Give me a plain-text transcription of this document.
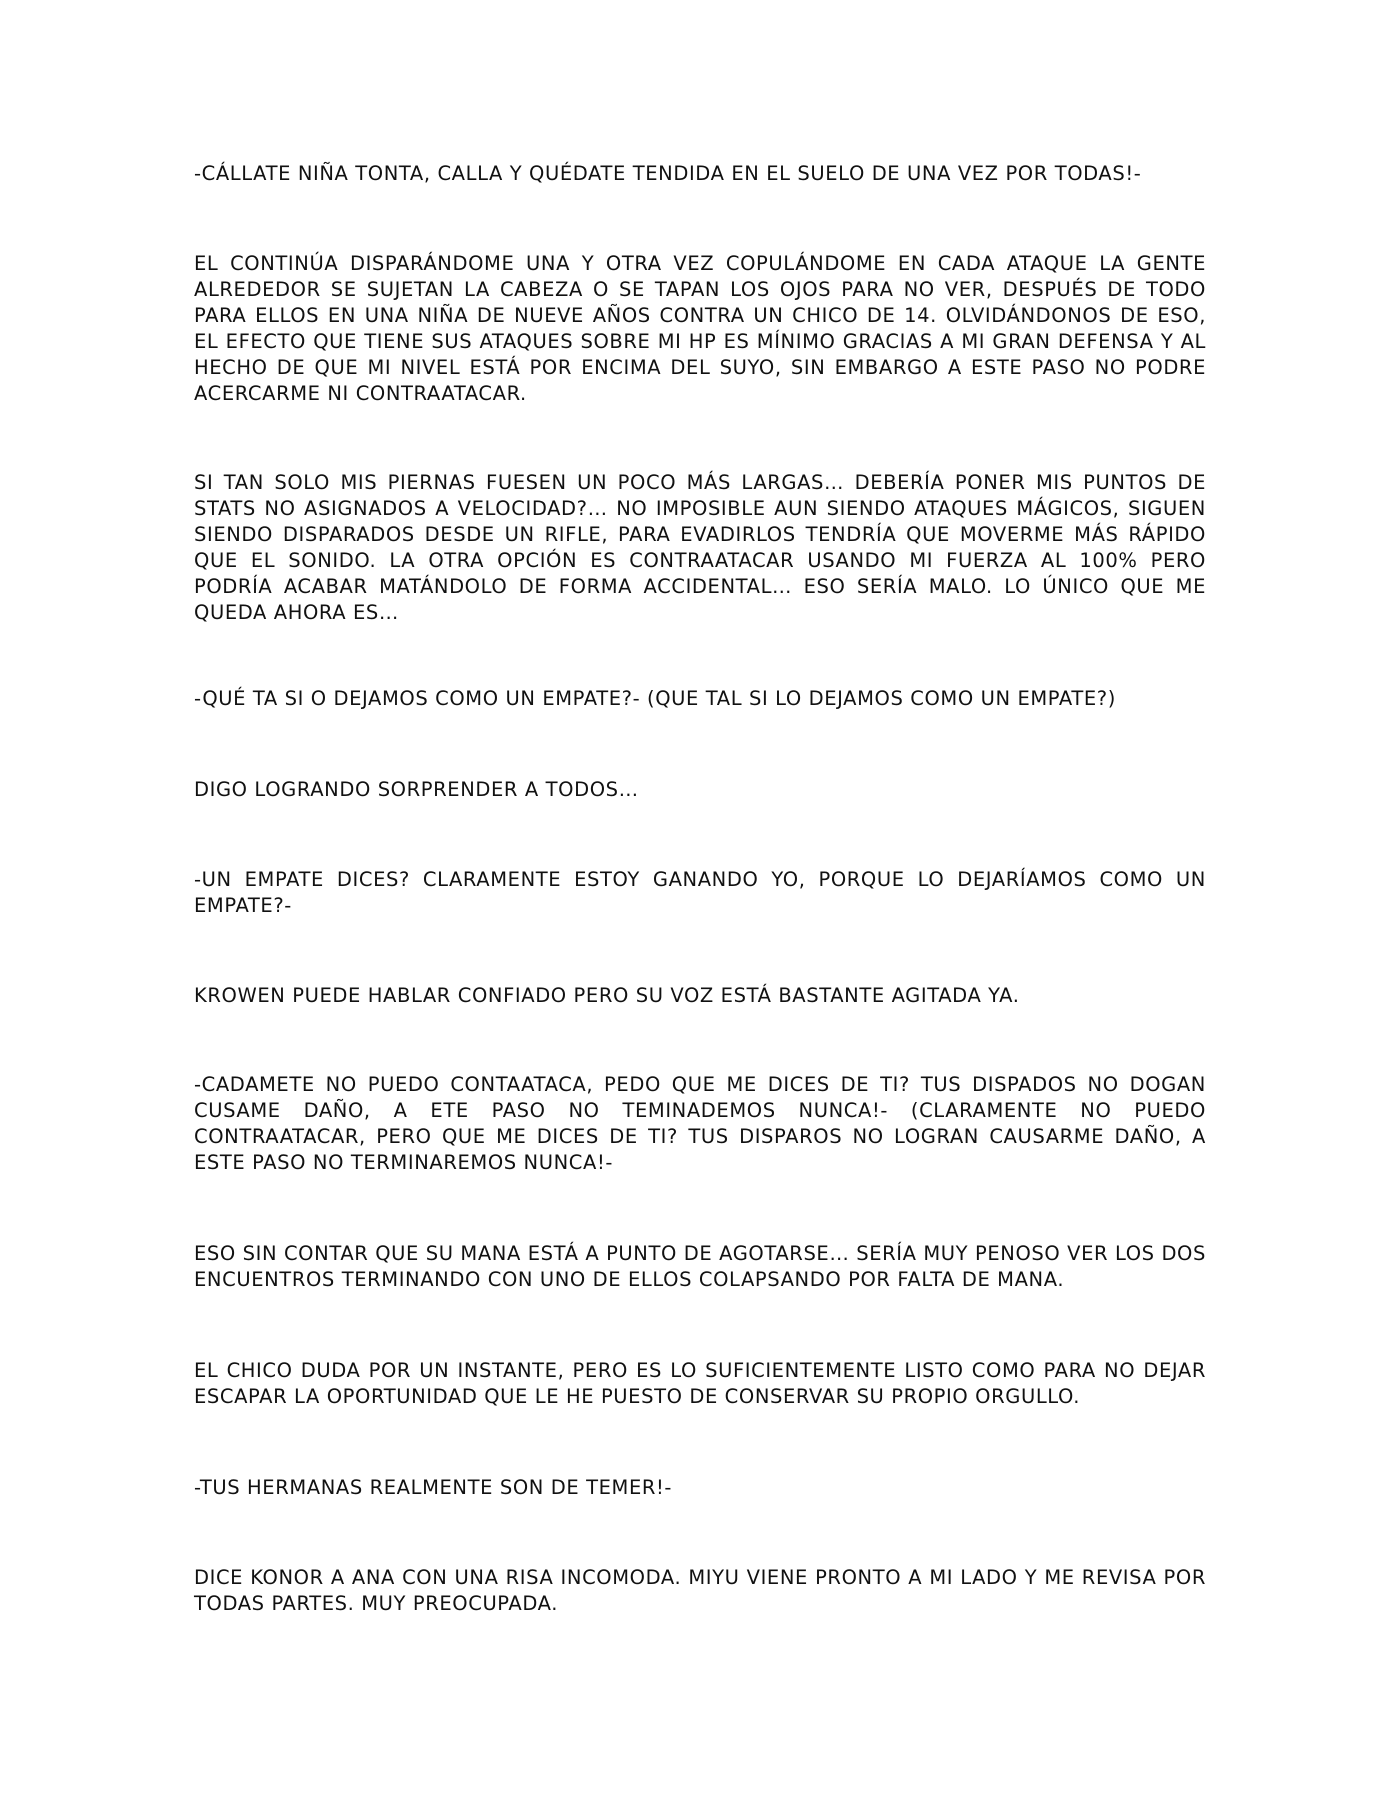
-CÁLLATE NIÑA TONTA, CALLA Y QUÉDATE TENDIDA EN EL SUELO DE UNA VEZ POR TODAS!-

EL CONTINÚA DISPARÁNDOME UNA Y OTRA VEZ COPULÁNDOME EN CADA ATAQUE LA GENTE ALREDEDOR SE SUJETAN LA CABEZA O SE TAPAN LOS OJOS PARA NO VER, DESPUÉS DE TODO PARA ELLOS EN UNA NIÑA DE NUEVE AÑOS CONTRA UN CHICO DE 14. OLVIDÁNDONOS DE ESO, EL EFECTO QUE TIENE SUS ATAQUES SOBRE MI HP ES MÍNIMO GRACIAS A MI GRAN DEFENSA Y AL HECHO DE QUE MI NIVEL ESTÁ POR ENCIMA DEL SUYO, SIN EMBARGO A ESTE PASO NO PODRE ACERCARME NI CONTRAATACAR.

SI TAN SOLO MIS PIERNAS FUESEN UN POCO MÁS LARGAS… DEBERÍA PONER MIS PUNTOS DE STATS NO ASIGNADOS A VELOCIDAD?… NO IMPOSIBLE AUN SIENDO ATAQUES MÁGICOS, SIGUEN SIENDO DISPARADOS DESDE UN RIFLE, PARA EVADIRLOS TENDRÍA QUE MOVERME MÁS RÁPIDO QUE EL SONIDO. LA OTRA OPCIÓN ES CONTRAATACAR USANDO MI FUERZA AL 100% PERO PODRÍA ACABAR MATÁNDOLO DE FORMA ACCIDENTAL… ESO SERÍA MALO. LO ÚNICO QUE ME QUEDA AHORA ES…

-QUÉ TA SI O DEJAMOS COMO UN EMPATE?- (QUE TAL SI LO DEJAMOS COMO UN EMPATE?)

DIGO LOGRANDO SORPRENDER A TODOS…

-UN EMPATE DICES? CLARAMENTE ESTOY GANANDO YO, PORQUE LO DEJARÍAMOS COMO UN EMPATE?-

KROWEN PUEDE HABLAR CONFIADO PERO SU VOZ ESTÁ BASTANTE AGITADA YA.

-CADAMETE NO PUEDO CONTAATACA, PEDO QUE ME DICES DE TI? TUS DISPADOS NO DOGAN CUSAME DAÑO, A ETE PASO NO TEMINADEMOS NUNCA!- (CLARAMENTE NO PUEDO CONTRAATACAR, PERO QUE ME DICES DE TI? TUS DISPAROS NO LOGRAN CAUSARME DAÑO, A ESTE PASO NO TERMINAREMOS NUNCA!-

ESO SIN CONTAR QUE SU MANA ESTÁ A PUNTO DE AGOTARSE… SERÍA MUY PENOSO VER LOS DOS ENCUENTROS TERMINANDO CON UNO DE ELLOS COLAPSANDO POR FALTA DE MANA.

EL CHICO DUDA POR UN INSTANTE, PERO ES LO SUFICIENTEMENTE LISTO COMO PARA NO DEJAR ESCAPAR LA OPORTUNIDAD QUE LE HE PUESTO DE CONSERVAR SU PROPIO ORGULLO.

-TUS HERMANAS REALMENTE SON DE TEMER!-

DICE KONOR A ANA CON UNA RISA INCOMODA. MIYU VIENE PRONTO A MI LADO Y ME REVISA POR TODAS PARTES. MUY PREOCUPADA.
